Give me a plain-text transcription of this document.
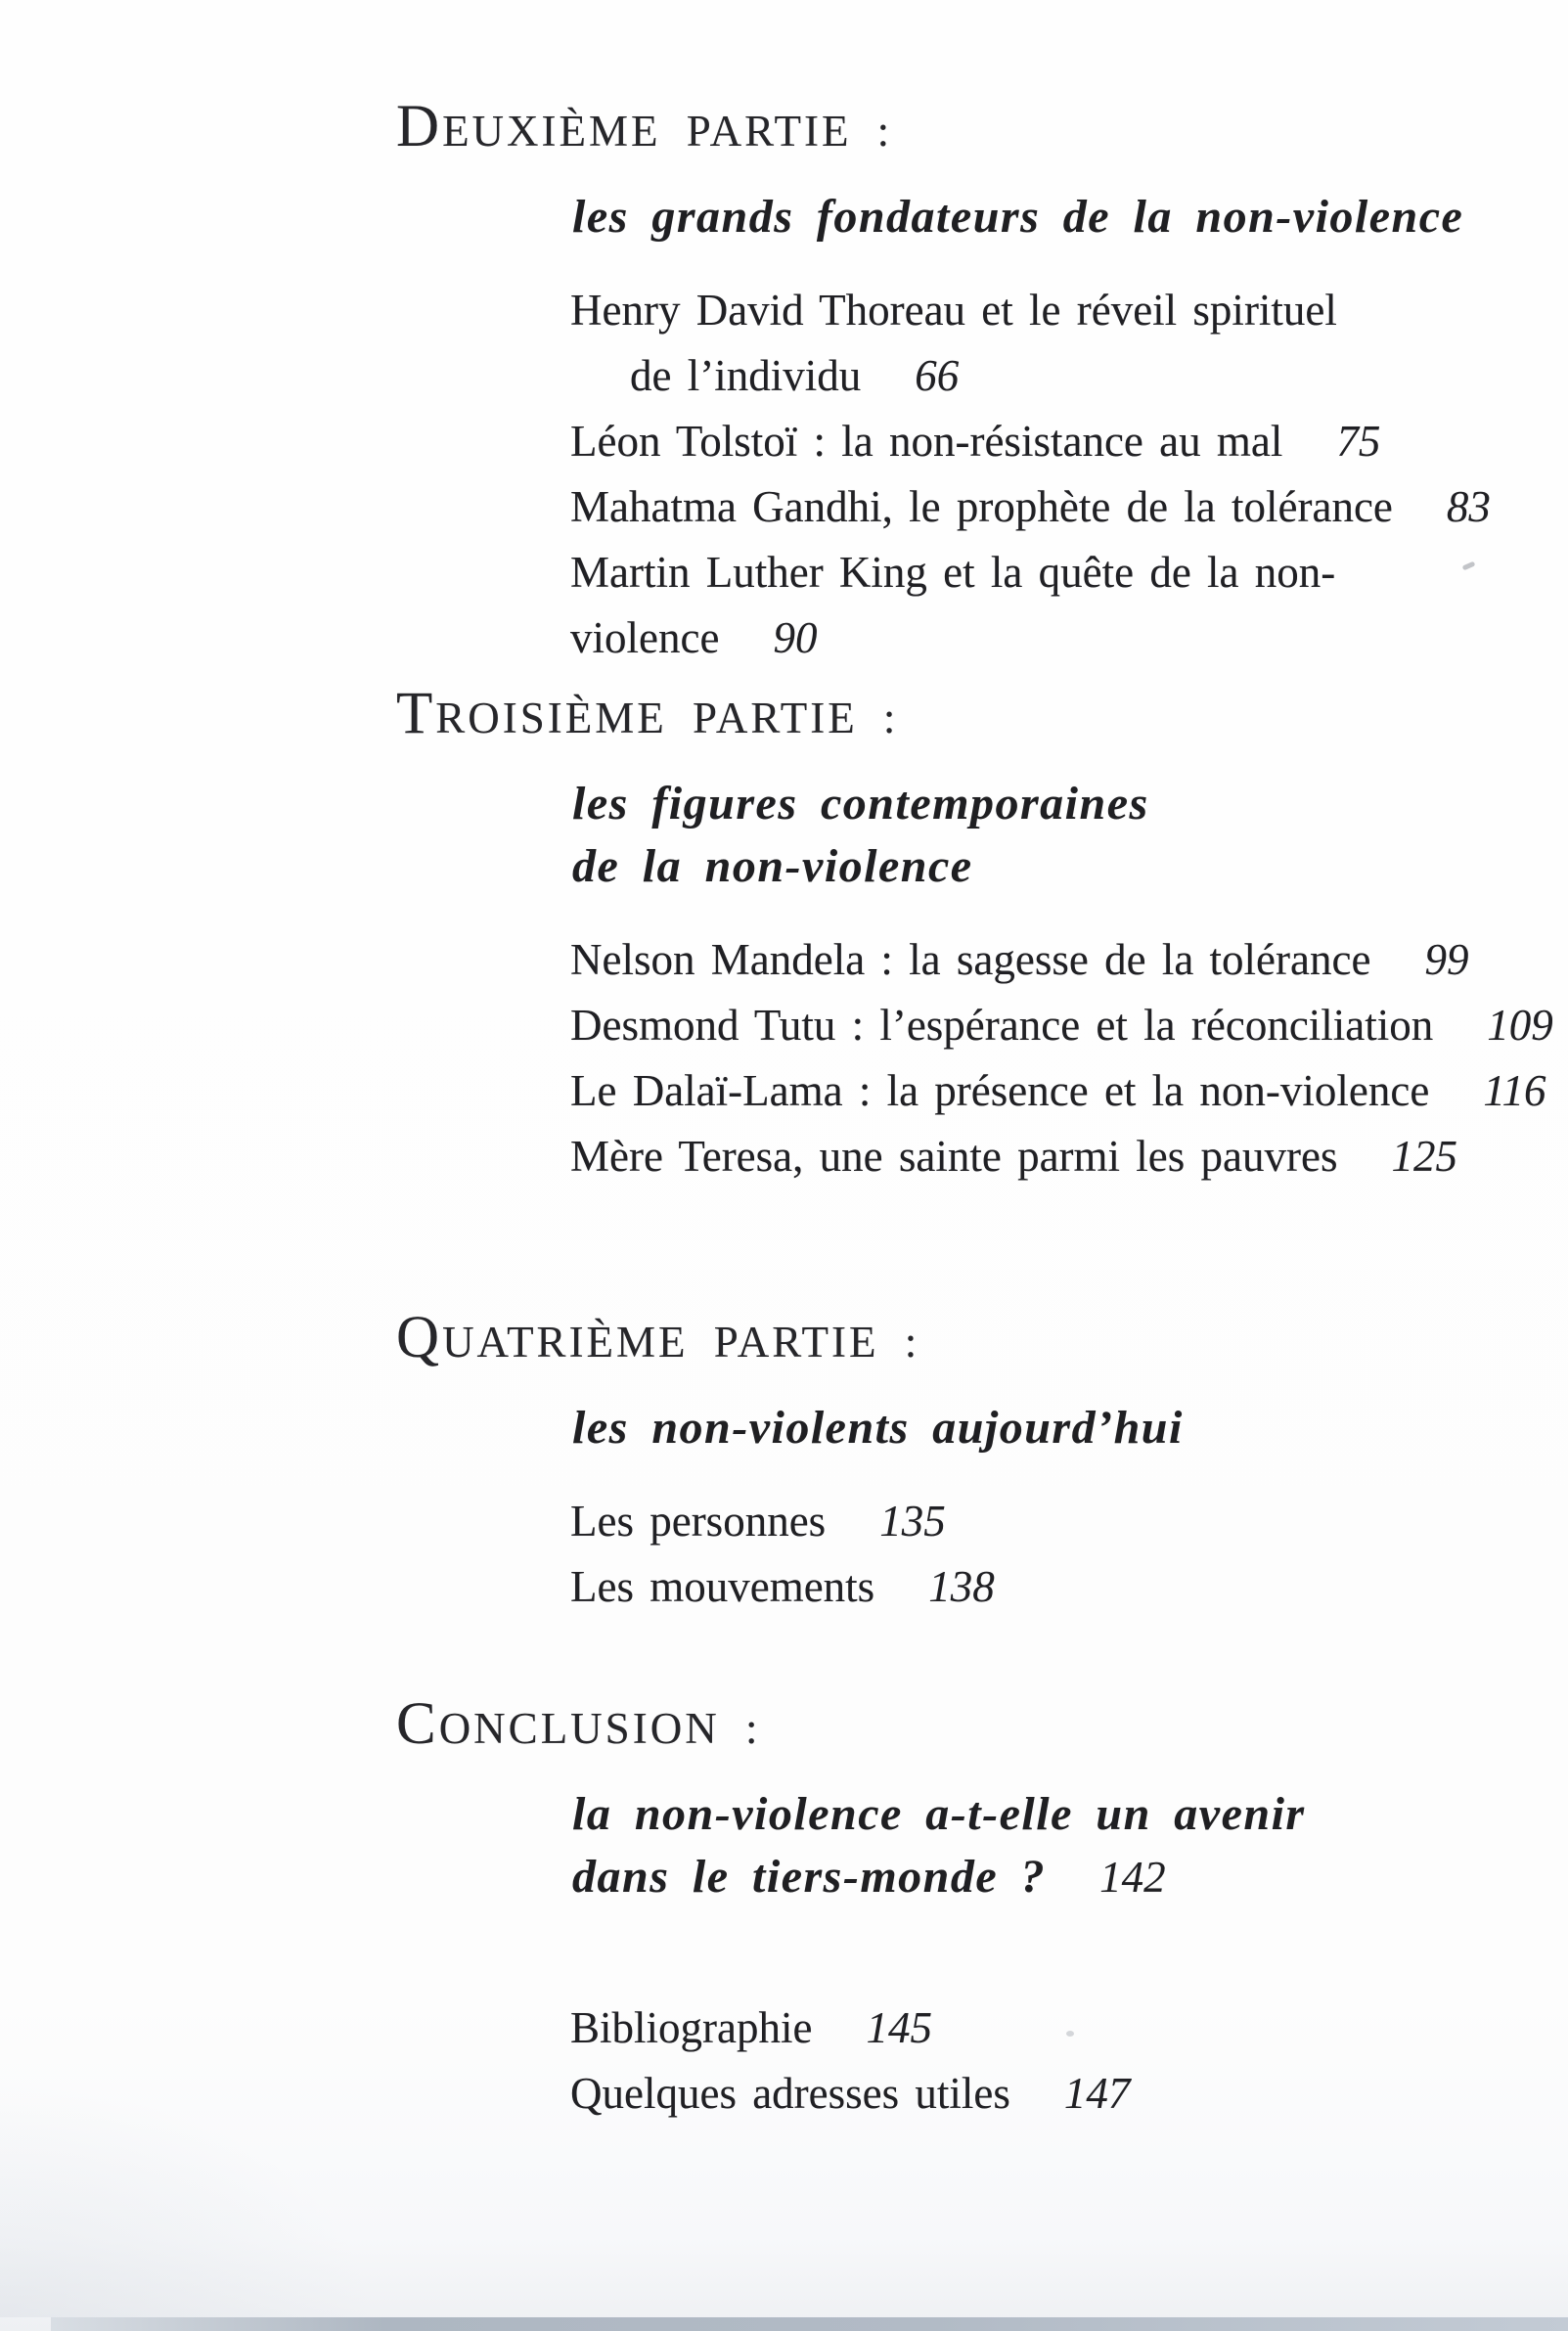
DEUXIÈME PARTIE :
les grands fondateurs de la non-violence
Henry David Thoreau et le réveil spirituel
de l’individu 66
Léon Tolstoï : la non-résistance au mal 75
Mahatma Gandhi, le prophète de la tolérance 83
Martin Luther King et la quête de la non-violence 90
TROISIÈME PARTIE :
les figures contemporaines
de la non-violence
Nelson Mandela : la sagesse de la tolérance 99
Desmond Tutu : l’espérance et la réconciliation 109
Le Dalaï-Lama : la présence et la non-violence 116
Mère Teresa, une sainte parmi les pauvres 125
QUATRIÈME PARTIE :
les non-violents aujourd’hui
Les personnes 135
Les mouvements 138
CONCLUSION :
la non-violence a-t-elle un avenir
dans le tiers-monde ? 142
Bibliographie 145
Quelques adresses utiles 147
